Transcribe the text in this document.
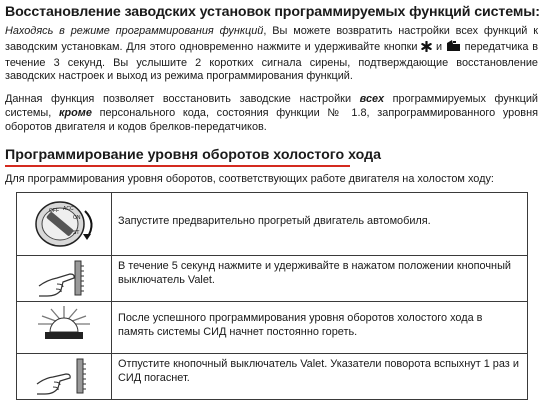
Восстановление заводских установок программируемых функций системы:
Находясь в режиме программирования функций, Вы можете возвратить настройки всех функций к заводским установкам. Для этого одновременно нажмите и удерживайте кнопки и передатчика в течение 3 секунд. Вы услышите 2 коротких сигнала сирены, подтверждающие восстановление заводских настроек и выход из режима программирования функций.
Данная функция позволяет восстановить заводские настройки всех программируемых функций системы, кроме персонального кода, состояния функции № 1.8, запрограммированного уровня оборотов двигателя и кодов брелков-передатчиков.
Программирование уровня оборотов холостого хода
Для программирования уровня оборотов, соответствующих работе двигателя на холостом ходу:
OFF ACC
ON
ST
Запустите предварительно прогретый двигатель автомобиля.
В течение 5 секунд нажмите и удерживайте в нажатом положении кнопочный выключатель Valet.
После успешного программирования уровня оборотов холостого хода в память системы СИД начнет постоянно гореть.
Отпустите кнопочный выключатель Valet. Указатели поворота вспыхнут 1 раз и СИД погаснет.
